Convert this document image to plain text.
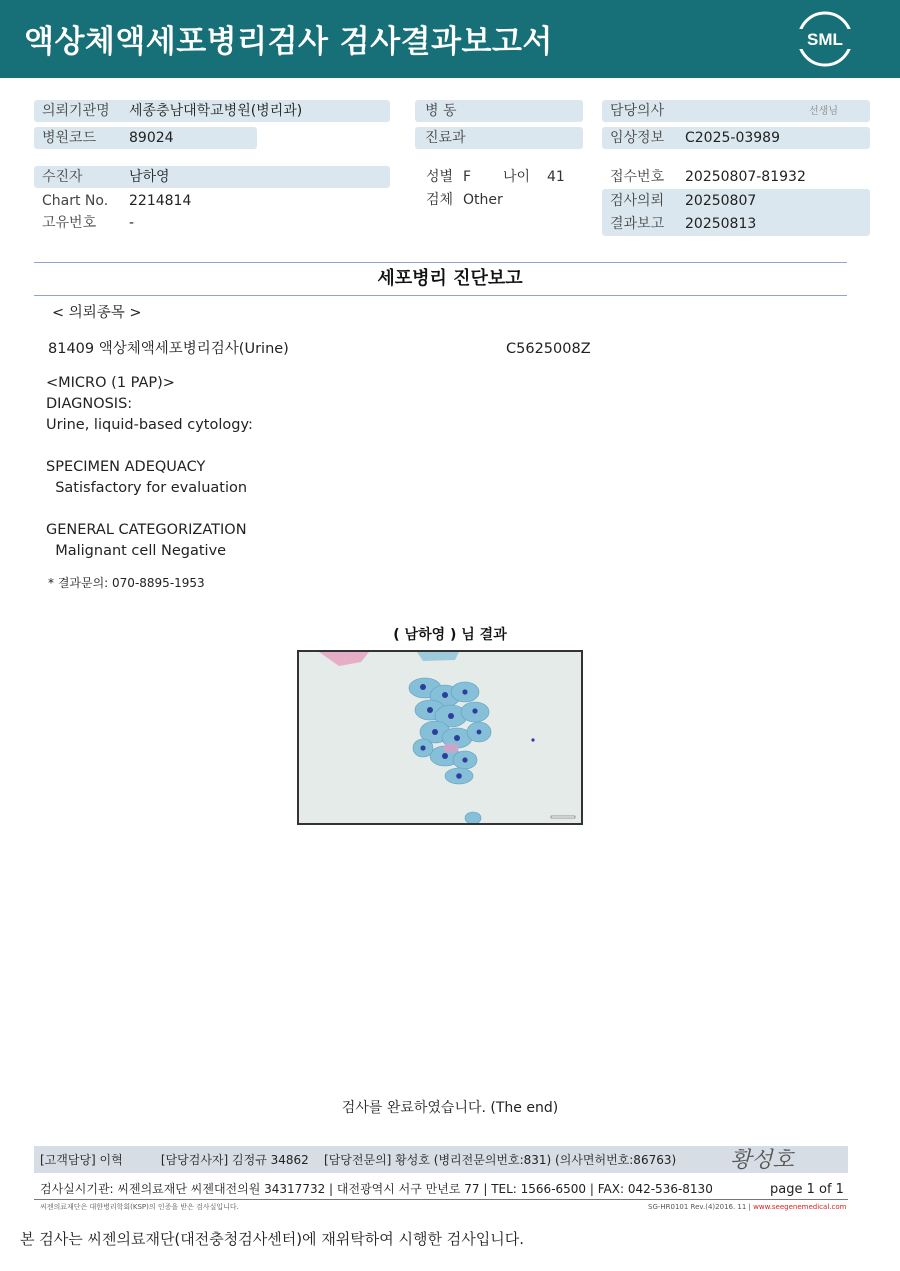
액상체액세포병리검사 검사결과보고서	SML
의뢰기관명 세종충남대학교병원(병리과)
병원코드 89024
수진자	남하영
Chart No. 2214814
고유번호 -
병 동
진료과
성별 F 나이 41
검체 Other
담당의사	선생님
임상정보 C2025-03989
접수번호 20250807-81932
검사의뢰 20250807
결과보고 20250813
세포병리 진단보고
< 의뢰종목 >
81409 액상체액세포병리검사(Urine)	C5625008Z
<MICRO (1 PAP)>
DIAGNOSIS:
Urine, liquid-based cytology:
SPECIMEN ADEQUACY
Satisfactory for evaluation
GENERAL CATEGORIZATION
Malignant cell Negative
* 결과문의: 070-8895-1953
( 남하영 ) 님 결과
검사를 완료하였습니다. (The end)
[고객담당] 이혁          [담당검사자] 김정규 34862    [담당전문의] 황성호 (병리전문의번호:831) (의사면허번호:86763) 황성호
검사실시기관: 씨젠의료재단 씨젠대전의원 34317732 | 대전광역시 서구 만년로 77 | TEL: 1566-6500 | FAX: 042-536-8130	page 1 of 1
씨젠의료재단은 대한병리학회(KSP)의 인증을 받은 검사실입니다.	SG-HR0101 Rev.(4)2016. 11 | www.seegenemedical.com
본 검사는 씨젠의료재단(대전충청검사센터)에 재위탁하여 시행한 검사입니다.
